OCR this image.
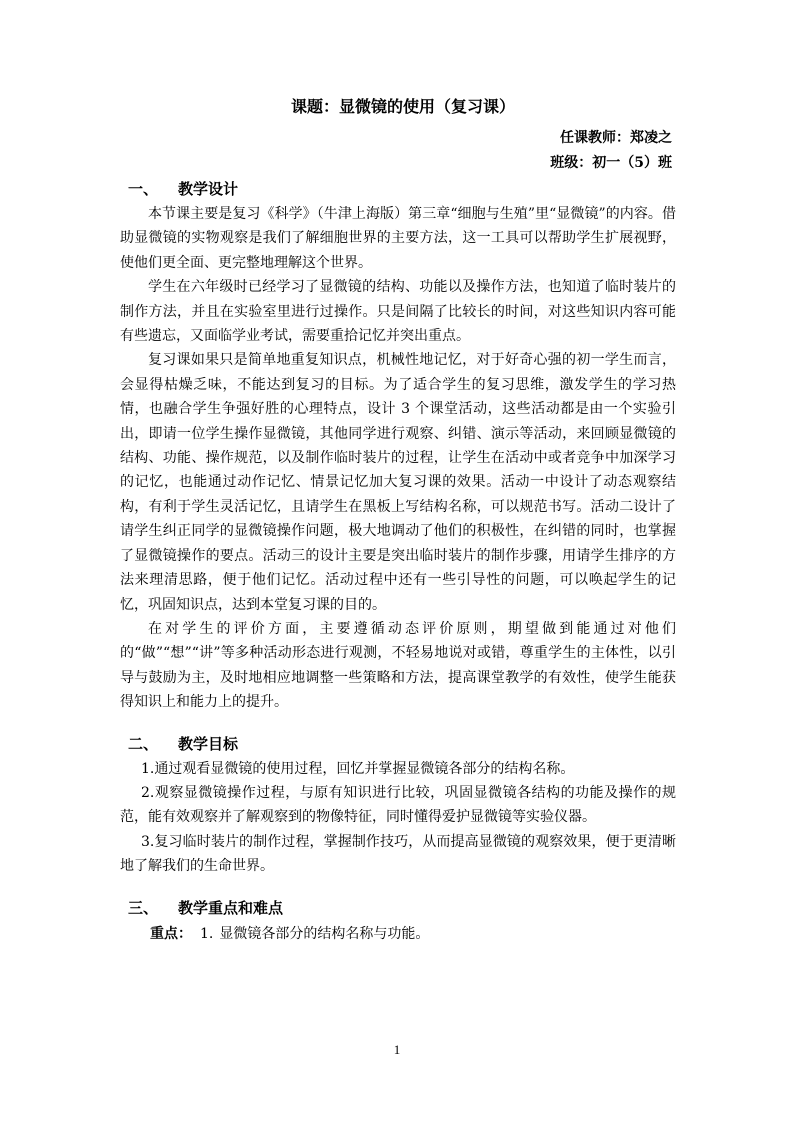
课题：显微镜的使用（复习课）
任课教师：郑凌之
班级：初一（5）班
一、 教学设计

本节课主要是复习《科学》（牛津上海版）第三章“细胞与生殖”里“显微镜”的内容。借助显微镜的实物观察是我们了解细胞世界的主要方法，这一工具可以帮助学生扩展视野，使他们更全面、更完整地理解这个世界。

学生在六年级时已经学习了显微镜的结构、功能以及操作方法，也知道了临时装片的制作方法，并且在实验室里进行过操作。只是间隔了比较长的时间，对这些知识内容可能有些遗忘，又面临学业考试，需要重拾记忆并突出重点。

复习课如果只是简单地重复知识点，机械性地记忆，对于好奇心强的初一学生而言，会显得枯燥乏味，不能达到复习的目标。为了适合学生的复习思维，激发学生的学习热情，也融合学生争强好胜的心理特点，设计 3 个课堂活动，这些活动都是由一个实验引出，即请一位学生操作显微镜，其他同学进行观察、纠错、演示等活动，来回顾显微镜的结构、功能、操作规范，以及制作临时装片的过程，让学生在活动中或者竞争中加深学习的记忆，也能通过动作记忆、情景记忆加大复习课的效果。活动一中设计了动态观察结构，有利于学生灵活记忆，且请学生在黑板上写结构名称，可以规范书写。活动二设计了请学生纠正同学的显微镜操作问题，极大地调动了他们的积极性，在纠错的同时，也掌握了显微镜操作的要点。活动三的设计主要是突出临时装片的制作步骤，用请学生排序的方法来理清思路，便于他们记忆。活动过程中还有一些引导性的问题，可以唤起学生的记忆，巩固知识点，达到本堂复习课的目的。

在对学生的评价方面，主要遵循动态评价原则，期望做到能通过对他们的“做”“想”“讲”等多种活动形态进行观测，不轻易地说对或错，尊重学生的主体性，以引导与鼓励为主，及时地相应地调整一些策略和方法，提高课堂教学的有效性，使学生能获得知识上和能力上的提升。

二、 教学目标

1.通过观看显微镜的使用过程，回忆并掌握显微镜各部分的结构名称。

2.观察显微镜操作过程，与原有知识进行比较，巩固显微镜各结构的功能及操作的规范，能有效观察并了解观察到的物像特征，同时懂得爱护显微镜等实验仪器。

3.复习临时装片的制作过程，掌握制作技巧，从而提高显微镜的观察效果，便于更清晰地了解我们的生命世界。

三、 教学重点和难点

重点： 1. 显微镜各部分的结构名称与功能。

1
